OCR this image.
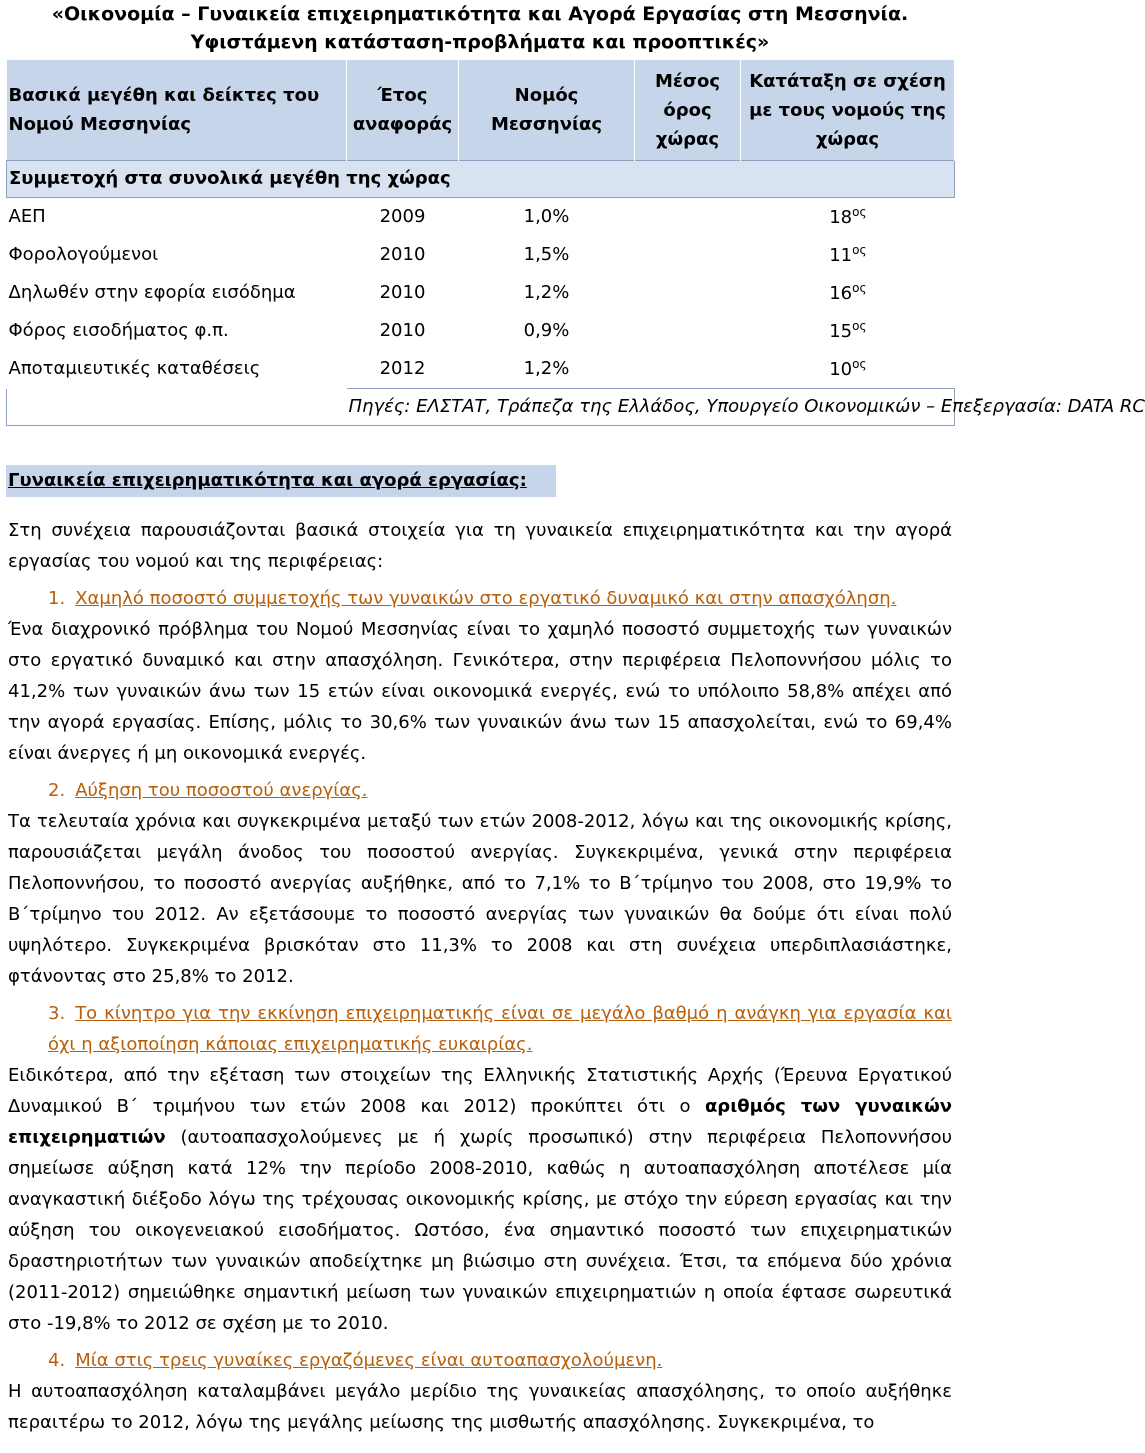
«Οικονομία – Γυναικεία επιχειρηματικότητα και Αγορά Εργασίας στη Μεσσηνία.
Υφιστάμενη κατάσταση-προβλήματα και προοπτικές»
Βασικά μεγέθη και δείκτες του Νομού Μεσσηνίας	Έτος αναφοράς	Νομός Μεσσηνίας	Μέσος όρος χώρας	Κατάταξη σε σχέση με τους νομούς της χώρας
Συμμετοχή στα συνολικά μεγέθη της χώρας				
ΑΕΠ	2009	1,0%		$18^{o\varsigma}$
Φορολογούμενοι	2010	1,5%		$11^{o\varsigma}$
Δηλωθέν στην εφορία εισόδημα	2010	1,2%		$16^{o\varsigma}$
Φόρος εισοδήματος φ.π.	2010	0,9%		$15^{o\varsigma}$
Αποταμιευτικές καταθέσεις	2012	1,2%		$10^{o\varsigma}$
	Πηγές: ΕΛΣΤΑΤ, Τράπεζα της Ελλάδος, Υπουργείο Οικονομικών – Επεξεργασία: DATA RC			
Γυναικεία επιχειρηματικότητα και αγορά εργασίας:

Στη συνέχεια παρουσιάζονται βασικά στοιχεία για τη γυναικεία επιχειρηματικότητα και την αγορά εργασίας του νομού και της περιφέρειας:

1. Χαμηλό ποσοστό συμμετοχής των γυναικών στο εργατικό δυναμικό και στην απασχόληση.

Ένα διαχρονικό πρόβλημα του Νομού Μεσσηνίας είναι το χαμηλό ποσοστό συμμετοχής των γυναικών στο εργατικό δυναμικό και στην απασχόληση. Γενικότερα, στην περιφέρεια Πελοποννήσου μόλις το 41,2% των γυναικών άνω των 15 ετών είναι οικονομικά ενεργές, ενώ το υπόλοιπο 58,8% απέχει από την αγορά εργασίας. Επίσης, μόλις το 30,6% των γυναικών άνω των 15 απασχολείται, ενώ το 69,4% είναι άνεργες ή μη οικονομικά ενεργές.

2. Αύξηση του ποσοστού ανεργίας.

Τα τελευταία χρόνια και συγκεκριμένα μεταξύ των ετών 2008-2012, λόγω και της οικονομικής κρίσης, παρουσιάζεται μεγάλη άνοδος του ποσοστού ανεργίας. Συγκεκριμένα, γενικά στην περιφέρεια Πελοποννήσου, το ποσοστό ανεργίας αυξήθηκε, από το 7,1% το Β΄τρίμηνο του 2008, στο 19,9% το Β΄τρίμηνο του 2012. Αν εξετάσουμε το ποσοστό ανεργίας των γυναικών θα δούμε ότι είναι πολύ υψηλότερο. Συγκεκριμένα βρισκόταν στο 11,3% το 2008 και στη συνέχεια υπερδιπλασιάστηκε, φτάνοντας στο 25,8% το 2012.

3. Το κίνητρο για την εκκίνηση επιχειρηματικής είναι σε μεγάλο βαθμό η ανάγκη για εργασία και όχι η αξιοποίηση κάποιας επιχειρηματικής ευκαιρίας.

Ειδικότερα, από την εξέταση των στοιχείων της Ελληνικής Στατιστικής Αρχής (Έρευνα Εργατικού Δυναμικού Β΄ τριμήνου των ετών 2008 και 2012) προκύπτει ότι ο αριθμός των γυναικών επιχειρηματιών (αυτοαπασχολούμενες με ή χωρίς προσωπικό) στην περιφέρεια Πελοποννήσου σημείωσε αύξηση κατά 12% την περίοδο 2008-2010, καθώς η αυτοαπασχόληση αποτέλεσε μία αναγκαστική διέξοδο λόγω της τρέχουσας οικονομικής κρίσης, με στόχο την εύρεση εργασίας και την αύξηση του οικογενειακού εισοδήματος. Ωστόσο, ένα σημαντικό ποσοστό των επιχειρηματικών δραστηριοτήτων των γυναικών αποδείχτηκε μη βιώσιμο στη συνέχεια. Έτσι, τα επόμενα δύο χρόνια (2011-2012) σημειώθηκε σημαντική μείωση των γυναικών επιχειρηματιών η οποία έφτασε σωρευτικά στο -19,8% το 2012 σε σχέση με το 2010.

4. Μία στις τρεις γυναίκες εργαζόμενες είναι αυτοαπασχολούμενη.

Η αυτοαπασχόληση καταλαμβάνει μεγάλο μερίδιο της γυναικείας απασχόλησης, το οποίο αυξήθηκε περαιτέρω το 2012, λόγω της μεγάλης μείωσης της μισθωτής απασχόλησης. Συγκεκριμένα, το
